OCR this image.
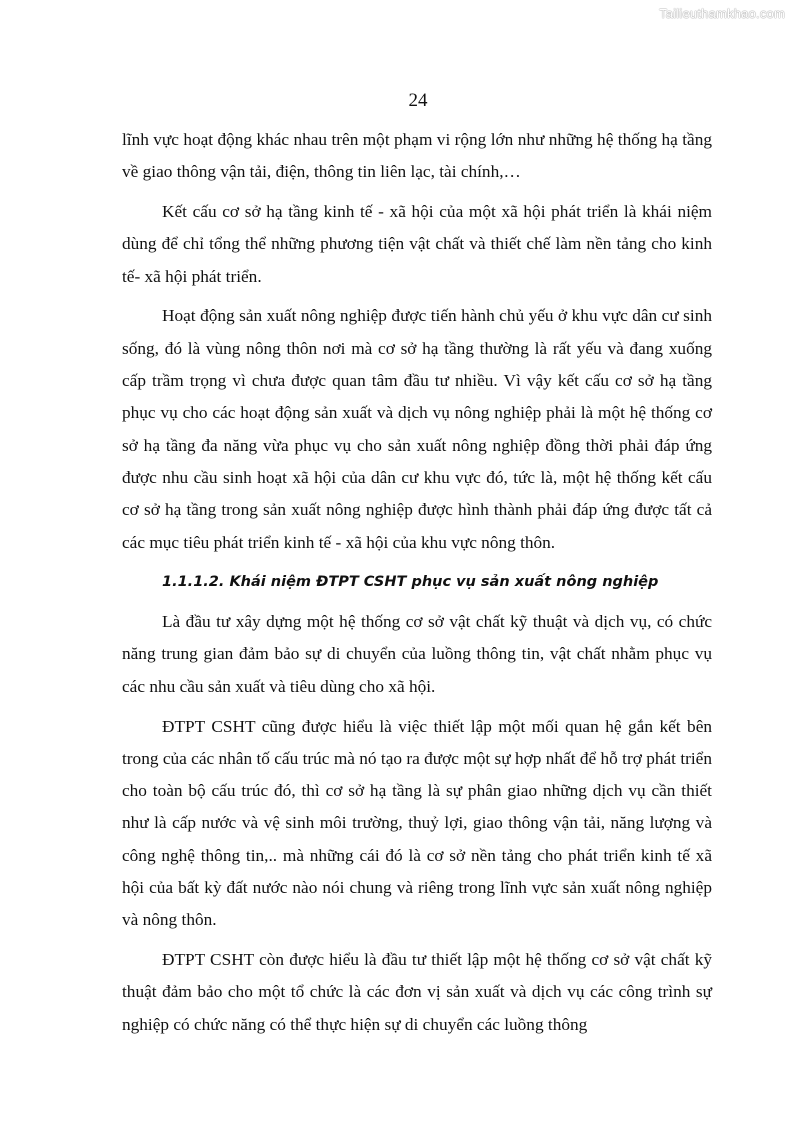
Tailieuthamkhao.com
24

lĩnh vực hoạt động khác nhau trên một phạm vi rộng lớn như những hệ thống hạ tầng về giao thông vận tải, điện, thông tin liên lạc, tài chính,…

Kết cấu cơ sở hạ tầng kinh tế - xã hội của một xã hội phát triển là khái niệm dùng để chỉ tổng thể những phương tiện vật chất và thiết chế làm nền tảng cho kinh tế- xã hội phát triển.

Hoạt động sản xuất nông nghiệp được tiến hành chủ yếu ở khu vực dân cư sinh sống, đó là vùng nông thôn nơi mà cơ sở hạ tầng thường là rất yếu và đang xuống cấp trầm trọng vì chưa được quan tâm đầu tư nhiều. Vì vậy kết cấu cơ sở hạ tầng phục vụ cho các hoạt động sản xuất và dịch vụ nông nghiệp phải là một hệ thống cơ sở hạ tầng đa năng vừa phục vụ cho sản xuất nông nghiệp đồng thời phải đáp ứng được nhu cầu sinh hoạt xã hội của dân cư khu vực đó, tức là, một hệ thống kết cấu cơ sở hạ tầng trong sản xuất nông nghiệp được hình thành phải đáp ứng được tất cả các mục tiêu phát triển kinh tế - xã hội của khu vực nông thôn.

1.1.1.2. Khái niệm ĐTPT CSHT phục vụ sản xuất nông nghiệp

Là đầu tư xây dựng một hệ thống cơ sở vật chất kỹ thuật và dịch vụ, có chức năng trung gian đảm bảo sự di chuyển của luồng thông tin, vật chất nhằm phục vụ các nhu cầu sản xuất và tiêu dùng cho xã hội.

ĐTPT CSHT cũng được hiểu là việc thiết lập một mối quan hệ gắn kết bên trong của các nhân tố cấu trúc mà nó tạo ra được một sự hợp nhất để hỗ trợ phát triển cho toàn bộ cấu trúc đó, thì cơ sở hạ tầng là sự phân giao những dịch vụ cần thiết như là cấp nước và vệ sinh môi trường, thuỷ lợi, giao thông vận tải, năng lượng và công nghệ thông tin,.. mà những cái đó là cơ sở nền tảng cho phát triển kinh tế xã hội của bất kỳ đất nước nào nói chung và riêng trong lĩnh vực sản xuất nông nghiệp và nông thôn.

ĐTPT CSHT còn được hiểu là đầu tư thiết lập một hệ thống cơ sở vật chất kỹ thuật đảm bảo cho một tổ chức là các đơn vị sản xuất và dịch vụ các công trình sự nghiệp có chức năng có thể thực hiện sự di chuyển các luồng thông
